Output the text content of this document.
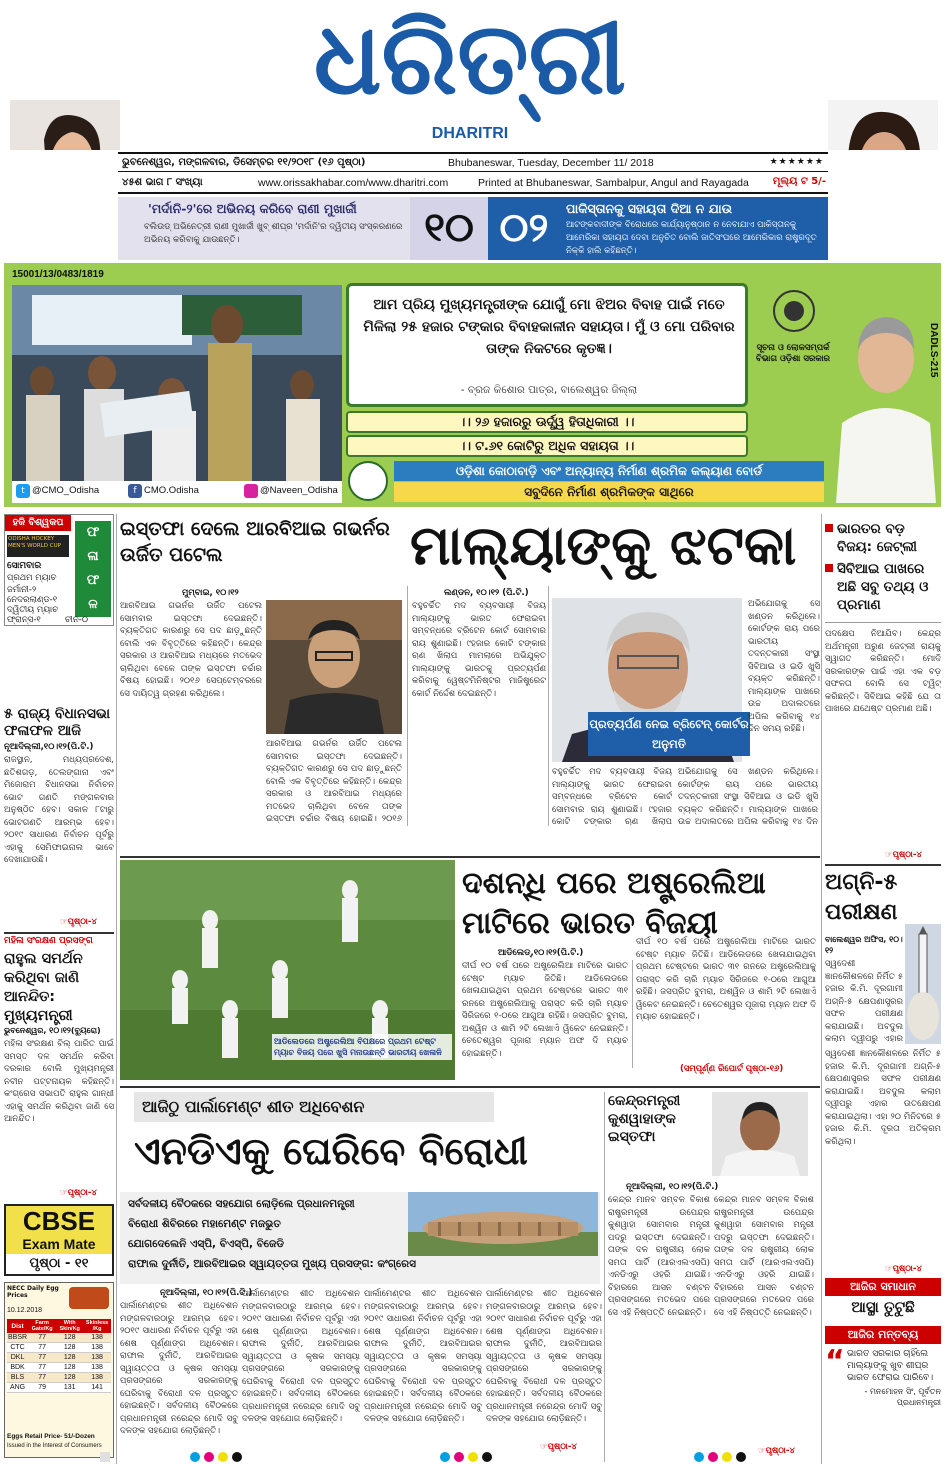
ଧରିତ୍ରୀ
DHARITRI
ଭୁବନେଶ୍ୱର, ମଙ୍ଗଳବାର, ଡିସେମ୍ବର ୧୧/୨୦୧୮ (୧୬ ପୃଷ୍ଠା)	Bhubaneswar, Tuesday, December 11/ 2018	★★★★★★
୪୫ଶ ଭାଗ ୮ ସଂଖ୍ୟା	www.orissakhabar.com/www.dharitri.com	Printed at Bhubaneswar, Sambalpur, Angul and Rayagada ମୂଲ୍ୟ ଟ 5/-
'ମର୍ଦାନି-୨'ରେ ଅଭିନୟ କରିବେ ରାଣୀ ମୁଖାର୍ଜୀ
ବଲିଉଡ୍ ଅଭିନେତ୍ରୀ ରାଣୀ ମୁଖାର୍ଜୀ ଖୁବ୍ ଶୀଘ୍ର 'ମର୍ଦାନି'ର ଦ୍ୱିତୀୟ ସଂସ୍କରଣରେ ଅଭିନୟ କରିବାକୁ ଯାଉଛନ୍ତି।	୧୦ ୦୨	ପାକିସ୍ତାନକୁ ସହାୟତା ଦିଆ ନ ଯାଉ
ଆଟଙ୍କବାଦୀଙ୍କ ବିରୋଧରେ କାର୍ଯ୍ୟାନୁଷ୍ଠାନ ନ ନେବାଯାଏ ପାକିସ୍ତାନକୁ ଆମେରିକା ସହାୟତା ଦେବା ଅନୁଚିତ ବୋଲି ଜାତିସଂଘରେ ଆମେରିକାର ରାଷ୍ଟ୍ରଦୂତ ନିକ୍କି ହାଲି କହିଛନ୍ତି।
15001/13/0483/1819
DADLS-215
ଆମ ପ୍ରିୟ ମୁଖ୍ୟମନ୍ତ୍ରୀଙ୍କ ଯୋଗୁଁ ମୋ ଝିଅର ବିବାହ ପାଇଁ ମତେ ମିଳିଲା ୨୫ ହଜାର ଟଙ୍କାର ବିବାହକାଳୀନ ସହାୟତା। ମୁଁ ଓ ମୋ ପରିବାର ତାଙ୍କ ନିକଟରେ କୃତଜ୍ଞ।
- ବ୍ରଜ କିଶୋର ପାତ୍ର, ବାଲେଶ୍ୱର ଜିଲ୍ଲା
ସୂଚନା ଓ ଲୋକସମ୍ପର୍କ ବିଭାଗ ଓଡ଼ିଶା ସରକାର
।। ୨୬ ହଜାରରୁ ଊର୍ଦ୍ଧ୍ୱ ହିତାଧିକାରୀ ।।
।। ଟ.୬୧ କୋଟିରୁ ଅଧିକ ସହାୟତା ।।
ଓଡ଼ିଶା କୋଠାବାଡ଼ି ଏବଂ ଅନ୍ୟାନ୍ୟ ନିର୍ମାଣ ଶ୍ରମିକ କଲ୍ୟାଣ ବୋର୍ଡ
ସବୁଦିନେ ନିର୍ମାଣ ଶ୍ରମିକଙ୍କ ସାଥିରେ
t @CMO_Odisha	f CMO.Odisha	@Naveen_Odisha
ହକି ବିଶ୍ୱକପ
ODISHA HOCKEY MEN'S WORLD CUP
ଫ
ଳା
ଫ
ଳ
ସୋମବାର
ପ୍ରଥମ ମ୍ୟାଚ
ଜର୍ମାନୀ-୨
ନେଦରଲାଣ୍ଡ-୧
ଦ୍ୱିତୀୟ ମ୍ୟାଚ
ଫ୍ରାନ୍ସ-୧	ଚୀନ-୦
୫ ରାଜ୍ୟ ବିଧାନସଭା ଫଳାଫଳ ଆଜି
ନୂଆଦିଲ୍ଲୀ,୧୦।୧୨(ପି.ଟି.)
ରାଜସ୍ଥାନ, ମଧ୍ୟପ୍ରଦେଶ, ଛତିଶଗଡ଼, ତେଲଙ୍ଗାନା ଏବଂ ମିଜୋରାମ ବିଧାନସଭା ନିର୍ବାଚନ ଭୋଟ ଗଣତି ମଙ୍ଗଳବାର ଅନୁଷ୍ଠିତ ହେବ। ସକାଳ ୮ଟାରୁ ଭୋଟଗଣତି ଆରମ୍ଭ ହେବ। ୨୦୧୯ ସାଧାରଣ ନିର୍ବାଚନ ପୂର୍ବରୁ ଏହାକୁ ସେମିଫାଇନାଲ ଭାବେ ଦେଖାଯାଉଛି।
☞ପୃଷ୍ଠା-୪
ମହିଳା ସଂରକ୍ଷଣ ପ୍ରସଙ୍ଗ
ରାହୁଲ ସମର୍ଥନ କରିଥିବା ଜାଣି ଆନନ୍ଦିତ: ମୁଖ୍ୟମନ୍ତ୍ରୀ
ଭୁବନେଶ୍ୱର, ୧୦।୧୨(ବ୍ୟୁରୋ)
ମହିଳା ସଂରକ୍ଷଣ ବିଲ୍ ପାରିତ ପାଇଁ ସମସ୍ତ ଦଳ ସମର୍ଥନ କରିବା ଦରକାର ବୋଲି ମୁଖ୍ୟମନ୍ତ୍ରୀ ନବୀନ ପଟ୍ଟନାୟକ କହିଛନ୍ତି। କଂଗ୍ରେସ ସଭାପତି ରାହୁଲ ଗାନ୍ଧୀ ଏହାକୁ ସମର୍ଥନ କରିଥିବା ଜାଣି ସେ ଆନନ୍ଦିତ।
☞ପୃଷ୍ଠା-୪
CBSE
Exam Mate
ପୃଷ୍ଠା - ୧୧
NECC Daily Egg Prices
10.12.2018
Dist	Farm Gate/Kg	With Skin/Kg	Skinless /Kg
BBSR	77	128	138
CTC	77	128	138
DKL	77	128	138
BDK	77	128	138
BLS	77	128	138
ANG	79	131	141
Eggs Retail Price- 51/-Dozen
Issued in the Interest of Consumers
ଇସ୍ତଫା ଦେଲେ ଆରବିଆଇ ଗଭର୍ନର ଉର୍ଜିତ ପଟେଲ	ମାଲ୍ୟାଙ୍କୁ ଝଟକା
ମୁମ୍ବାଇ, ୧୦।୧୨
ଆରବିଆଇ ଗଭର୍ନର ଉର୍ଜିତ ପଟେଲ ସୋମବାର ଇସ୍ତଫା ଦେଇଛନ୍ତି। ବ୍ୟକ୍ତିଗତ କାରଣରୁ ସେ ପଦ ଛାଡ଼ୁଛନ୍ତି ବୋଲି ଏକ ବିବୃତ୍ତିରେ କହିଛନ୍ତି। କେନ୍ଦ୍ର ସରକାର ଓ ଆରବିଆଇ ମଧ୍ୟରେ ମତଭେଦ ଚାଲିଥିବା ବେଳେ ତାଙ୍କ ଇସ୍ତଫା ଚର୍ଚ୍ଚାର ବିଷୟ ହୋଇଛି। ୨୦୧୬ ସେପ୍ଟେମ୍ବରରେ ସେ ଦାୟିତ୍ୱ ଗ୍ରହଣ କରିଥିଲେ।
ଆରବିଆଇ ଗଭର୍ନର ଉର୍ଜିତ ପଟେଲ ସୋମବାର ଇସ୍ତଫା ଦେଇଛନ୍ତି। ବ୍ୟକ୍ତିଗତ କାରଣରୁ ସେ ପଦ ଛାଡ଼ୁଛନ୍ତି ବୋଲି ଏକ ବିବୃତ୍ତିରେ କହିଛନ୍ତି। କେନ୍ଦ୍ର ସରକାର ଓ ଆରବିଆଇ ମଧ୍ୟରେ ମତଭେଦ ଚାଲିଥିବା ବେଳେ ତାଙ୍କ ଇସ୍ତଫା ଚର୍ଚ୍ଚାର ବିଷୟ ହୋଇଛି। ୨୦୧୬
ଲଣ୍ଡନ, ୧୦।୧୨ (ପି.ଟି.)
ବହୁଚର୍ଚ୍ଚିତ ମଦ ବ୍ୟବସାୟୀ ବିଜୟ ମାଲ୍ୟାଙ୍କୁ ଭାରତ ଫେରାଇବା ସମ୍ବନ୍ଧରେ ବ୍ରିଟେନ କୋର୍ଟ ସୋମବାର ରାୟ ଶୁଣାଇଛି। ୯ହଜାର କୋଟି ଟଙ୍କାର ଋଣ ଖିଲାପ ମାମଲାରେ ଅଭିଯୁକ୍ତ ମାଲ୍ୟାଙ୍କୁ ଭାରତକୁ ପ୍ରତ୍ୟର୍ପଣ କରିବାକୁ ୱେଷ୍ଟମିନିଷ୍ଟର ମାଜିଷ୍ଟ୍ରେଟ କୋର୍ଟ ନିର୍ଦ୍ଦେଶ ଦେଇଛନ୍ତି।
ପ୍ରତ୍ୟର୍ପଣ ନେଇ ବ୍ରିଟେନ୍ କୋର୍ଟର ଅନୁମତି
ବହୁଚର୍ଚ୍ଚିତ ମଦ ବ୍ୟବସାୟୀ ବିଜୟ ମାଲ୍ୟାଙ୍କୁ ଭାରତ ଫେରାଇବା ସମ୍ବନ୍ଧରେ ବ୍ରିଟେନ କୋର୍ଟ ସୋମବାର ରାୟ ଶୁଣାଇଛି। ୯ହଜାର କୋଟି ଟଙ୍କାର ଋଣ ଖିଲାପ
ଅଭିଯୋଗକୁ ସେ ଖଣ୍ଡନ କରିଥିଲେ। କୋର୍ଟଙ୍କ ରାୟ ପରେ ଭାରତୀୟ ତଦନ୍ତକାରୀ ସଂସ୍ଥା ସିବିଆଇ ଓ ଇଡି ଖୁସି ବ୍ୟକ୍ତ କରିଛନ୍ତି। ମାଲ୍ୟାଙ୍କ ପାଖରେ ଉଚ୍ଚ ଅଦାଲତରେ ଅପିଲ କରିବାକୁ ୧୪ ଦିନ
ଅଭିଯୋଗକୁ ସେ ଖଣ୍ଡନ କରିଥିଲେ। କୋର୍ଟଙ୍କ ରାୟ ପରେ ଭାରତୀୟ ତଦନ୍ତକାରୀ ସଂସ୍ଥା ସିବିଆଇ ଓ ଇଡି ଖୁସି ବ୍ୟକ୍ତ କରିଛନ୍ତି। ମାଲ୍ୟାଙ୍କ ପାଖରେ ଉଚ୍ଚ ଅଦାଲତରେ ଅପିଲ କରିବାକୁ ୧୪ ଦିନ ସମୟ ରହିଛି।
ଭାରତର ବଡ଼ ବିଜୟ: ଜେଟ୍‌ଲୀ
ସିବିଆଇ ପାଖରେ ଅଛି ସବୁ ତଥ୍ୟ ଓ ପ୍ରମାଣ
ପଦକ୍ଷେପ ନିଆଯିବ। କେନ୍ଦ୍ର ଅର୍ଥମନ୍ତ୍ରୀ ଅରୁଣ ଜେଟ୍‌ଲୀ ରାୟକୁ ସ୍ୱାଗତ କରିଛନ୍ତି। ମୋଦି ସରକାରଙ୍କ ପାଇଁ ଏହା ଏକ ବଡ଼ ସଫଳତା ବୋଲି ସେ ଟ୍ୱିଟ୍ କରିଛନ୍ତି। ସିବିଆଇ କହିଛି ଯେ ତା ପାଖରେ ଯଥେଷ୍ଟ ପ୍ରମାଣ ଅଛି।
☞ପୃଷ୍ଠା-୪
ଅଗ୍ନି-୫ ପରୀକ୍ଷଣ
ବାଲେଶ୍ୱର ଅଫିସ, ୧୦।୧୨
ସ୍ୱଦେଶୀ ଜ୍ଞାନକୌଶଳରେ ନିର୍ମିତ ୫ ହଜାର କି.ମି. ଦୂରଗାମୀ ଅଗ୍ନି-୫ କ୍ଷେପଣାସ୍ତ୍ରର ସଫଳ ପରୀକ୍ଷଣ କରାଯାଇଛି। ଅବଦୁଲ କଲାମ ଦ୍ୱୀପରୁ ଏହାର
ସ୍ୱଦେଶୀ ଜ୍ଞାନକୌଶଳରେ ନିର୍ମିତ ୫ ହଜାର କି.ମି. ଦୂରଗାମୀ ଅଗ୍ନି-୫ କ୍ଷେପଣାସ୍ତ୍ରର ସଫଳ ପରୀକ୍ଷଣ କରାଯାଇଛି। ଅବଦୁଲ କଲାମ ଦ୍ୱୀପରୁ ଏହାର ଉତକ୍ଷେପଣ କରାଯାଇଥିଲା। ଏହା ୨୦ ମିନିଟରେ ୫ ହଜାର କି.ମି. ଦୂରତା ଅତିକ୍ରମ କରିଥିଲା।
☞ପୃଷ୍ଠା-୪
ଆଜିର ସମାଧାନ
ଆସ୍ଥା ତୁଟୁଛି
ଆଜିର ମନ୍ତବ୍ୟ
“ ଭାରତ ସରକାର ଚାହିଁଲେ ମାଲ୍ୟାଙ୍କୁ ଖୁବ ଶୀଘ୍ର ଭାରତ ଫେରାଇ ପାରିବେ।
- ମନମୋହନ ସିଂ, ପୂର୍ବତନ ପ୍ରଧାନମନ୍ତ୍ରୀ
ଆଡିଲେଡରେ ଅଷ୍ଟ୍ରେଲିଆ ବିପକ୍ଷରେ ପ୍ରଥମ ଟେଷ୍ଟ ମ୍ୟାଚ ବିଜୟ ପରେ ଖୁସି ମନାଉଛନ୍ତି ଭାରତୀୟ ଖେଳାଳି
ଦଶନ୍ଧି ପରେ ଅଷ୍ଟ୍ରେଲିଆ ମାଟିରେ ଭାରତ ବିଜୟୀ
ଆଡିଲେଡ୍,୧୦।୧୨(ପି.ଟି.)
ଦୀର୍ଘ ୧୦ ବର୍ଷ ପରେ ଅଷ୍ଟ୍ରେଲିଆ ମାଟିରେ ଭାରତ ଟେଷ୍ଟ ମ୍ୟାଚ ଜିତିଛି। ଆଡିଲେଡରେ ଖେଳାଯାଇଥିବା ପ୍ରଥମ ଟେଷ୍ଟରେ ଭାରତ ୩୧ ରନରେ ଅଷ୍ଟ୍ରେଲିଆକୁ ପରାସ୍ତ କରି ଚାରି ମ୍ୟାଚ ସିରିଜରେ ୧-୦ରେ ଆଗୁଆ ରହିଛି। ଜସପ୍ରିତ ବୁମରା, ଅଶ୍ୱିନ ଓ ଶାମି ୨ଟି ଲେଖାଏଁ ୱିକେଟ ନେଇଛନ୍ତି। ଚେତେଶ୍ୱର ପୂଜାରା ମ୍ୟାନ ଅଫ ଦି ମ୍ୟାଚ ହୋଇଛନ୍ତି।
ଦୀର୍ଘ ୧୦ ବର୍ଷ ପରେ ଅଷ୍ଟ୍ରେଲିଆ ମାଟିରେ ଭାରତ ଟେଷ୍ଟ ମ୍ୟାଚ ଜିତିଛି। ଆଡିଲେଡରେ ଖେଳାଯାଇଥିବା ପ୍ରଥମ ଟେଷ୍ଟରେ ଭାରତ ୩୧ ରନରେ ଅଷ୍ଟ୍ରେଲିଆକୁ ପରାସ୍ତ କରି ଚାରି ମ୍ୟାଚ ସିରିଜରେ ୧-୦ରେ ଆଗୁଆ ରହିଛି। ଜସପ୍ରିତ ବୁମରା, ଅଶ୍ୱିନ ଓ ଶାମି ୨ଟି ଲେଖାଏଁ ୱିକେଟ ନେଇଛନ୍ତି। ଚେତେଶ୍ୱର ପୂଜାରା ମ୍ୟାନ ଅଫ ଦି ମ୍ୟାଚ ହୋଇଛନ୍ତି।
(ସମ୍ପୂର୍ଣ୍ଣ ରିପୋର୍ଟ ପୃଷ୍ଠା-୧୬)
ଆଜିଠୁ ପାର୍ଲାମେଣ୍ଟ ଶୀତ ଅଧିବେଶନ
ଏନଡିଏକୁ ଘେରିବେ ବିରୋଧୀ
ସର୍ବଦଳୀୟ ବୈଠକରେ ସହଯୋଗ ଲୋଡ଼ିଲେ ପ୍ରଧାନମନ୍ତ୍ରୀ
ବିରୋଧୀ ଶିବିରରେ ମହାମେଣ୍ଟ ମଜଭୁତ
ଯୋଗଦେଲେନି ଏସ୍‌ପି, ବିଏସ୍‌ପି, ବିଜେଡି
ରାଫାଲ ଦୁର୍ନୀତି, ଆରବିଆଇର ସ୍ୱାୟତ୍ତତା ମୁଖ୍ୟ ପ୍ରସଙ୍ଗ: କଂଗ୍ରେସ
କେନ୍ଦ୍ରମନ୍ତ୍ରୀ କୁଶୱାହାଙ୍କ ଇସ୍ତଫା
ନୂଆଦିଲ୍ଲୀ, ୧୦।୧୨(ପି.ଟି.)
କେନ୍ଦ୍ର ମାନବ ସମ୍ବଳ ବିକାଶ ରାଷ୍ଟ୍ରମନ୍ତ୍ରୀ ଉପେନ୍ଦ୍ର କୁଶୱାହା ସୋମବାର ମନ୍ତ୍ରୀ ପଦରୁ ଇସ୍ତଫା ଦେଇଛନ୍ତି। ତାଙ୍କ ଦଳ ରାଷ୍ଟ୍ରୀୟ ଲୋକ ସମତା ପାର୍ଟି (ଆରଏଲଏସପି) ଏନଡିଏରୁ ଓହରି ଯାଇଛି। ବିହାରରେ ଆସନ ବଣ୍ଟନ ପ୍ରସଙ୍ଗରେ ମତଭେଦ ପରେ ସେ ଏହି ନିଷ୍ପତ୍ତି ନେଇଛନ୍ତି।
କେନ୍ଦ୍ର ମାନବ ସମ୍ବଳ ବିକାଶ ରାଷ୍ଟ୍ରମନ୍ତ୍ରୀ ଉପେନ୍ଦ୍ର କୁଶୱାହା ସୋମବାର ମନ୍ତ୍ରୀ ପଦରୁ ଇସ୍ତଫା ଦେଇଛନ୍ତି। ତାଙ୍କ ଦଳ ରାଷ୍ଟ୍ରୀୟ ଲୋକ ସମତା ପାର୍ଟି (ଆରଏଲଏସପି) ଏନଡିଏରୁ ଓହରି ଯାଇଛି। ବିହାରରେ ଆସନ ବଣ୍ଟନ ପ୍ରସଙ୍ଗରେ ମତଭେଦ ପରେ ସେ ଏହି ନିଷ୍ପତ୍ତି ନେଇଛନ୍ତି।
☞ପୃଷ୍ଠା-୪
ନୂଆଦିଲ୍ଲୀ, ୧୦।୧୨(ପି.ଟି.)
ପାର୍ଲାମେଣ୍ଟର ଶୀତ ଅଧିବେଶନ ମଙ୍ଗଳବାରଠାରୁ ଆରମ୍ଭ ହେବ। ୨୦୧୯ ସାଧାରଣ ନିର୍ବାଚନ ପୂର୍ବରୁ ଏହା ଶେଷ ପୂର୍ଣ୍ଣାଙ୍ଗ ଅଧିବେଶନ। ରାଫାଲ ଦୁର୍ନୀତି, ଆରବିଆଇର ସ୍ୱାୟତ୍ତତା ଓ କୃଷକ ସମସ୍ୟା ପ୍ରସଙ୍ଗରେ ସରକାରଙ୍କୁ ଘେରିବାକୁ ବିରୋଧୀ ଦଳ ପ୍ରସ୍ତୁତ ହୋଇଛନ୍ତି। ସର୍ବଦଳୀୟ ବୈଠକରେ ପ୍ରଧାନମନ୍ତ୍ରୀ ନରେନ୍ଦ୍ର ମୋଦି ସବୁ ଦଳଙ୍କ ସହଯୋଗ ଲୋଡ଼ିଛନ୍ତି।
ପାର୍ଲାମେଣ୍ଟର ଶୀତ ଅଧିବେଶନ ମଙ୍ଗଳବାରଠାରୁ ଆରମ୍ଭ ହେବ। ୨୦୧୯ ସାଧାରଣ ନିର୍ବାଚନ ପୂର୍ବରୁ ଏହା ଶେଷ ପୂର୍ଣ୍ଣାଙ୍ଗ ଅଧିବେଶନ। ରାଫାଲ ଦୁର୍ନୀତି, ଆରବିଆଇର ସ୍ୱାୟତ୍ତତା ଓ କୃଷକ ସମସ୍ୟା ପ୍ରସଙ୍ଗରେ ସରକାରଙ୍କୁ ଘେରିବାକୁ ବିରୋଧୀ ଦଳ ପ୍ରସ୍ତୁତ ହୋଇଛନ୍ତି। ସର୍ବଦଳୀୟ ବୈଠକରେ ପ୍ରଧାନମନ୍ତ୍ରୀ ନରେନ୍ଦ୍ର ମୋଦି ସବୁ ଦଳଙ୍କ ସହଯୋଗ ଲୋଡ଼ିଛନ୍ତି।
ପାର୍ଲାମେଣ୍ଟର ଶୀତ ଅଧିବେଶନ ମଙ୍ଗଳବାରଠାରୁ ଆରମ୍ଭ ହେବ। ୨୦୧୯ ସାଧାରଣ ନିର୍ବାଚନ ପୂର୍ବରୁ ଏହା ଶେଷ ପୂର୍ଣ୍ଣାଙ୍ଗ ଅଧିବେଶନ। ରାଫାଲ ଦୁର୍ନୀତି, ଆରବିଆଇର ସ୍ୱାୟତ୍ତତା ଓ କୃଷକ ସମସ୍ୟା ପ୍ରସଙ୍ଗରେ ସରକାରଙ୍କୁ ଘେରିବାକୁ ବିରୋଧୀ ଦଳ ପ୍ରସ୍ତୁତ ହୋଇଛନ୍ତି। ସର୍ବଦଳୀୟ ବୈଠକରେ ପ୍ରଧାନମନ୍ତ୍ରୀ ନରେନ୍ଦ୍ର ମୋଦି ସବୁ ଦଳଙ୍କ ସହଯୋଗ ଲୋଡ଼ିଛନ୍ତି।
ପାର୍ଲାମେଣ୍ଟର ଶୀତ ଅଧିବେଶନ ମଙ୍ଗଳବାରଠାରୁ ଆରମ୍ଭ ହେବ। ୨୦୧୯ ସାଧାରଣ ନିର୍ବାଚନ ପୂର୍ବରୁ ଏହା ଶେଷ ପୂର୍ଣ୍ଣାଙ୍ଗ ଅଧିବେଶନ। ରାଫାଲ ଦୁର୍ନୀତି, ଆରବିଆଇର ସ୍ୱାୟତ୍ତତା ଓ କୃଷକ ସମସ୍ୟା ପ୍ରସଙ୍ଗରେ ସରକାରଙ୍କୁ ଘେରିବାକୁ ବିରୋଧୀ ଦଳ ପ୍ରସ୍ତୁତ ହୋଇଛନ୍ତି। ସର୍ବଦଳୀୟ ବୈଠକରେ ପ୍ରଧାନମନ୍ତ୍ରୀ ନରେନ୍ଦ୍ର ମୋଦି ସବୁ ଦଳଙ୍କ ସହଯୋଗ ଲୋଡ଼ିଛନ୍ତି।
☞ପୃଷ୍ଠା-୪
